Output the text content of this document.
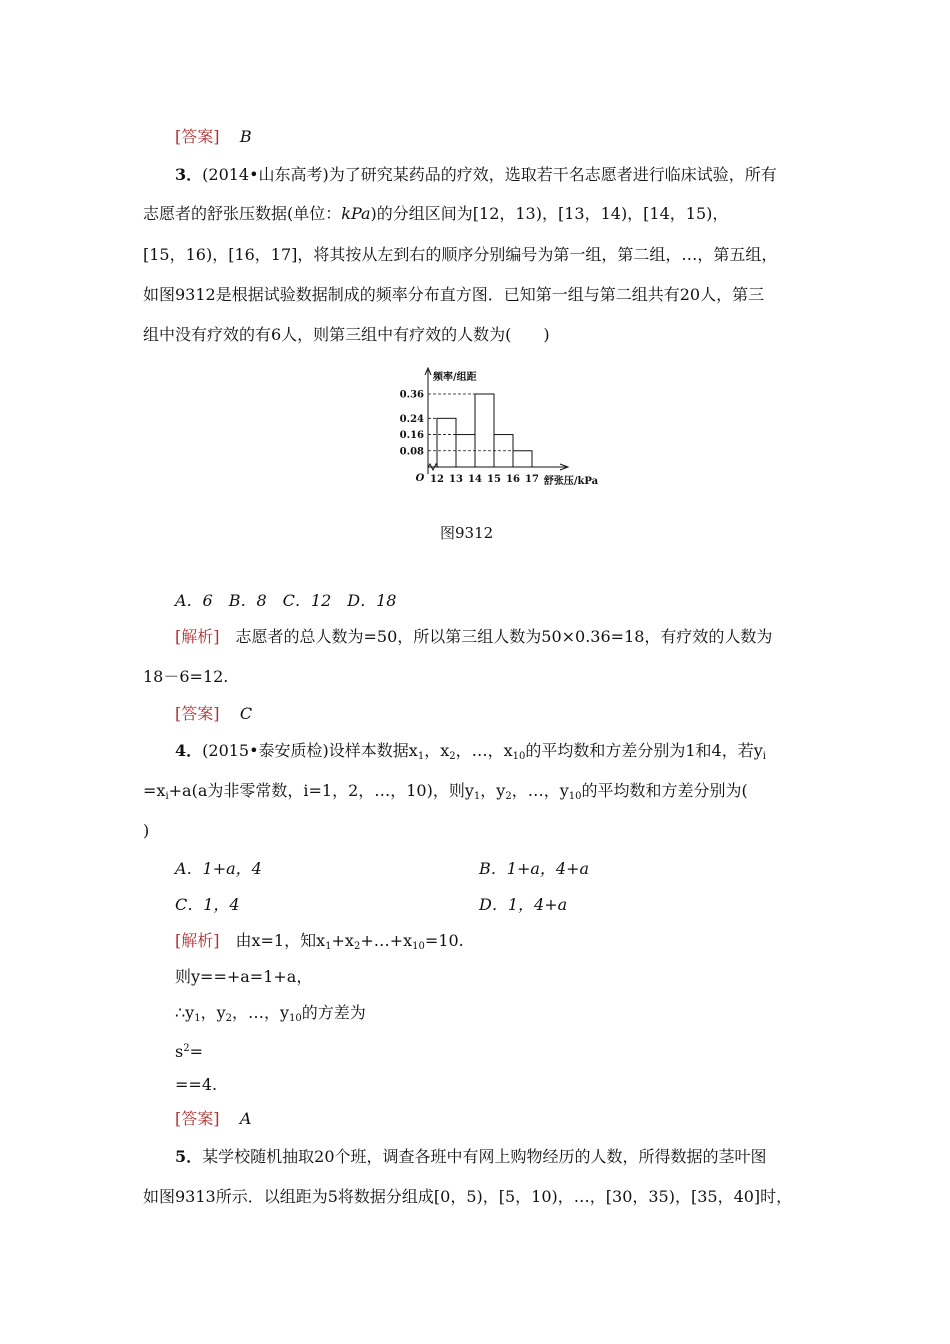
[答案] B
3．(2014•山东高考)为了研究某药品的疗效，选取若干名志愿者进行临床试验，所有
志愿者的舒张压数据(单位：kPa)的分组区间为[12，13)，[13，14)，[14，15)，
[15，16)，[16，17]，将其按从左到右的顺序分别编号为第一组，第二组，…，第五组，
如图9312是根据试验数据制成的频率分布直方图．已知第一组与第二组共有20人，第三
组中没有疗效的有6人，则第三组中有疗效的人数为(　　)
0.08
0.16
0.24
0.36
12 13 14 15 16 17
O
频率/组距
舒张压/kPa
图9312
A．6　B．8　C．12　D．18
[解析]　志愿者的总人数为=50，所以第三组人数为50×0.36=18，有疗效的人数为
18－6=12.
[答案] C
4．(2015•泰安质检)设样本数据$x_1$，$x_2$，…，$x_{10}$的平均数和方差分别为1和4，若$y_i$
$=x_i+a(a$为非零常数，i=1，2，…，10)，则$y_1$，$y_2$，…，$y_{10}$的平均数和方差分别为(
)
A．1+a，4	B．1+a，4+a
C．1，4	D．1，4+a
[解析]　由x=1，知$x_1+x_2+\dots+x_{10}=10$.
则y==+a=1+a，
$\therefore y_1$，$y_2$，…，$y_{10}$的方差为
$s^2=$
==4.
[答案] A
5．某学校随机抽取20个班，调查各班中有网上购物经历的人数，所得数据的茎叶图
如图9313所示．以组距为5将数据分组成[0，5)，[5，10)，…，[30，35)，[35，40]时，
